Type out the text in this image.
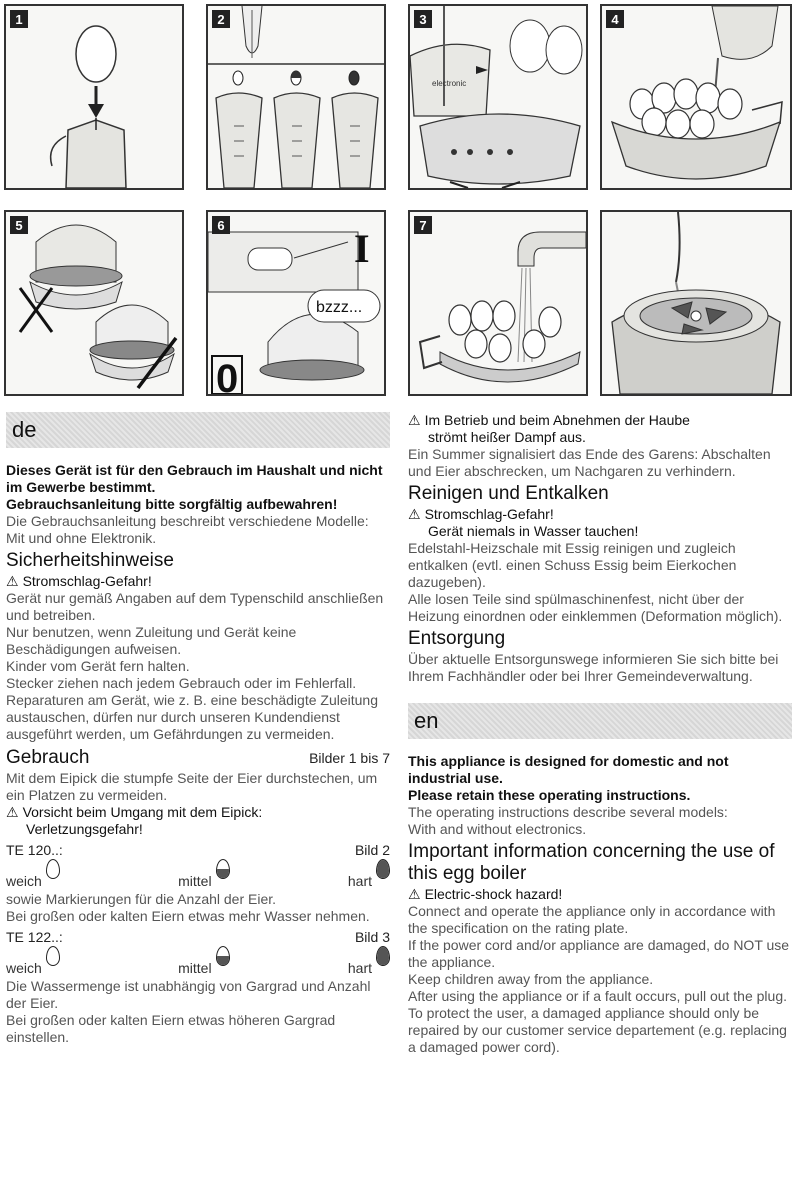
1	2	3
electronic
4
5	6
I
bzzz...
0
7
de

Dieses Gerät ist für den Gebrauch im Haushalt und nicht im Gewerbe bestimmt.

Gebrauchsanleitung bitte sorgfältig aufbewahren!

Die Gebrauchsanleitung beschreibt verschiedene Modelle:

Mit und ohne Elektronik.

Sicherheitshinweise
⚠ Stromschlag-Gefahr!

Gerät nur gemäß Angaben auf dem Typenschild anschließen und betreiben.

Nur benutzen, wenn Zuleitung und Gerät keine Beschädigungen aufweisen.

Kinder vom Gerät fern halten.

Stecker ziehen nach jedem Gebrauch oder im Fehlerfall.

Reparaturen am Gerät, wie z. B. eine beschädigte Zuleitung austauschen, dürfen nur durch unseren Kundendienst ausgeführt werden, um Gefährdungen zu vermeiden.

Gebrauch	Bilder 1 bis 7

Mit dem Eipick die stumpfe Seite der Eier durchstechen, um ein Platzen zu vermeiden.

⚠ Vorsicht beim Umgang mit dem Eipick:
Verletzungsgefahr!
TE 120..:	Bild 2
weich	mittel	hart

sowie Markierungen für die Anzahl der Eier.

Bei großen oder kalten Eiern etwas mehr Wasser nehmen.

TE 122..:	Bild 3
weich	mittel	hart

Die Wassermenge ist unabhängig von Gargrad und Anzahl der Eier.

Bei großen oder kalten Eiern etwas höheren Gargrad einstellen.

⚠ Im Betrieb und beim Abnehmen der Haube
strömt heißer Dampf aus.

Ein Summer signalisiert das Ende des Garens: Abschalten und Eier abschrecken, um Nachgaren zu verhindern.

Reinigen und Entkalken
⚠ Stromschlag-Gefahr!
Gerät niemals in Wasser tauchen!

Edelstahl-Heizschale mit Essig reinigen und zugleich entkalken (evtl. einen Schuss Essig beim Eierkochen dazugeben).

Alle losen Teile sind spülmaschinenfest, nicht über der Heizung einordnen oder einklemmen (Deformation möglich).

Entsorgung

Über aktuelle Entsorgunswege informieren Sie sich bitte bei Ihrem Fachhändler oder bei Ihrer Gemeindeverwaltung.

en

This appliance is designed for domestic and not industrial use.

Please retain these operating instructions.

The operating instructions describe several models:

With and without electronics.

Important information concerning the use of this egg boiler
⚠ Electric-shock hazard!

Connect and operate the appliance only in accordance with the specification on the rating plate.

If the power cord and/or appliance are damaged, do NOT use the appliance.

Keep children away from the appliance.

After using the appliance or if a fault occurs, pull out the plug.

To protect the user, a damaged appliance should only be repaired by our customer service departement (e.g. replacing a damaged power cord).
